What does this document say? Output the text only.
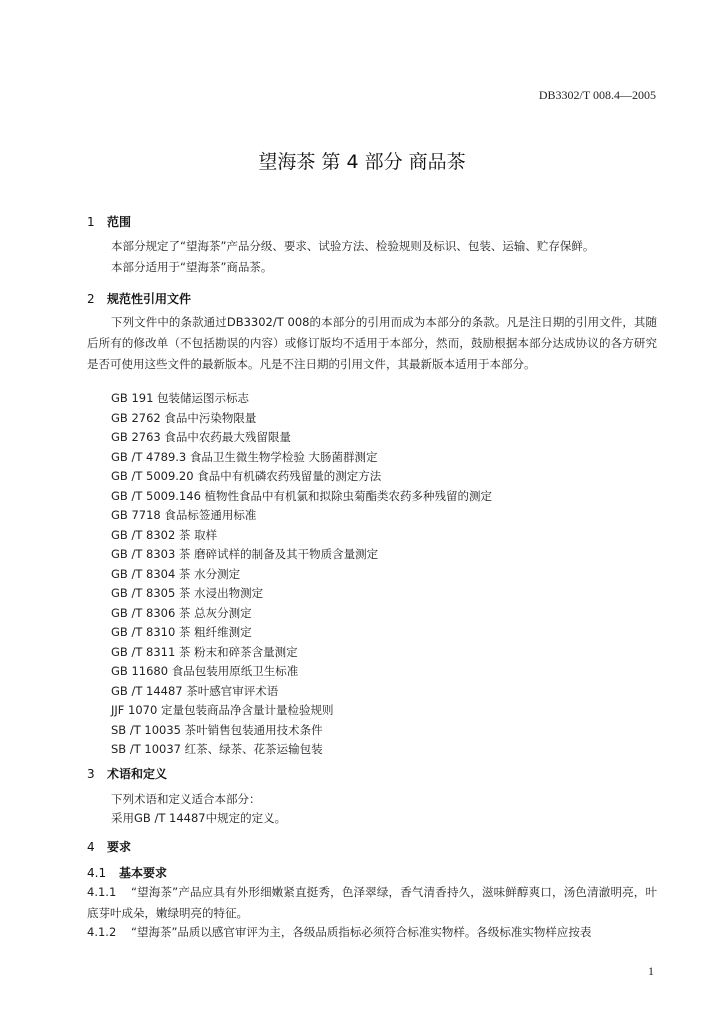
DB3302/T 008.4—2005
望海茶 第 4 部分 商品茶
1 范围
本部分规定了“望海茶”产品分级、要求、试验方法、检验规则及标识、包装、运输、贮存保鲜。
本部分适用于“望海茶”商品茶。
2 规范性引用文件
下列文件中的条款通过DB3302/T 008的本部分的引用而成为本部分的条款。凡是注日期的引用文件，其随后所有的修改单（不包括勘误的内容）或修订版均不适用于本部分，然而，鼓励根据本部分达成协议的各方研究是否可使用这些文件的最新版本。凡是不注日期的引用文件，其最新版本适用于本部分。
GB 191 包装储运图示标志
GB 2762 食品中污染物限量
GB 2763 食品中农药最大残留限量
GB /T 4789.3 食品卫生微生物学检验 大肠菌群测定
GB /T 5009.20 食品中有机磷农药残留量的测定方法
GB /T 5009.146 植物性食品中有机氯和拟除虫菊酯类农药多种残留的测定
GB 7718 食品标签通用标准
GB /T 8302 茶 取样
GB /T 8303 茶 磨碎试样的制备及其干物质含量测定
GB /T 8304 茶 水分测定
GB /T 8305 茶 水浸出物测定
GB /T 8306 茶 总灰分测定
GB /T 8310 茶 粗纤维测定
GB /T 8311 茶 粉末和碎茶含量测定
GB 11680 食品包装用原纸卫生标准
GB /T 14487 茶叶感官审评术语
JJF 1070 定量包装商品净含量计量检验规则
SB /T 10035 茶叶销售包装通用技术条件
SB /T 10037 红茶、绿茶、花茶运输包装
3 术语和定义
下列术语和定义适合本部分：
采用GB /T 14487中规定的定义。
4 要求
4.1 基本要求
4.1.1 “望海茶”产品应具有外形细嫩紧直挺秀，色泽翠绿，香气清香持久，滋味鲜醇爽口，汤色清澈明亮，叶底芽叶成朵，嫩绿明亮的特征。
4.1.2 “望海茶”品质以感官审评为主，各级品质指标必须符合标准实物样。各级标准实物样应按表
1
